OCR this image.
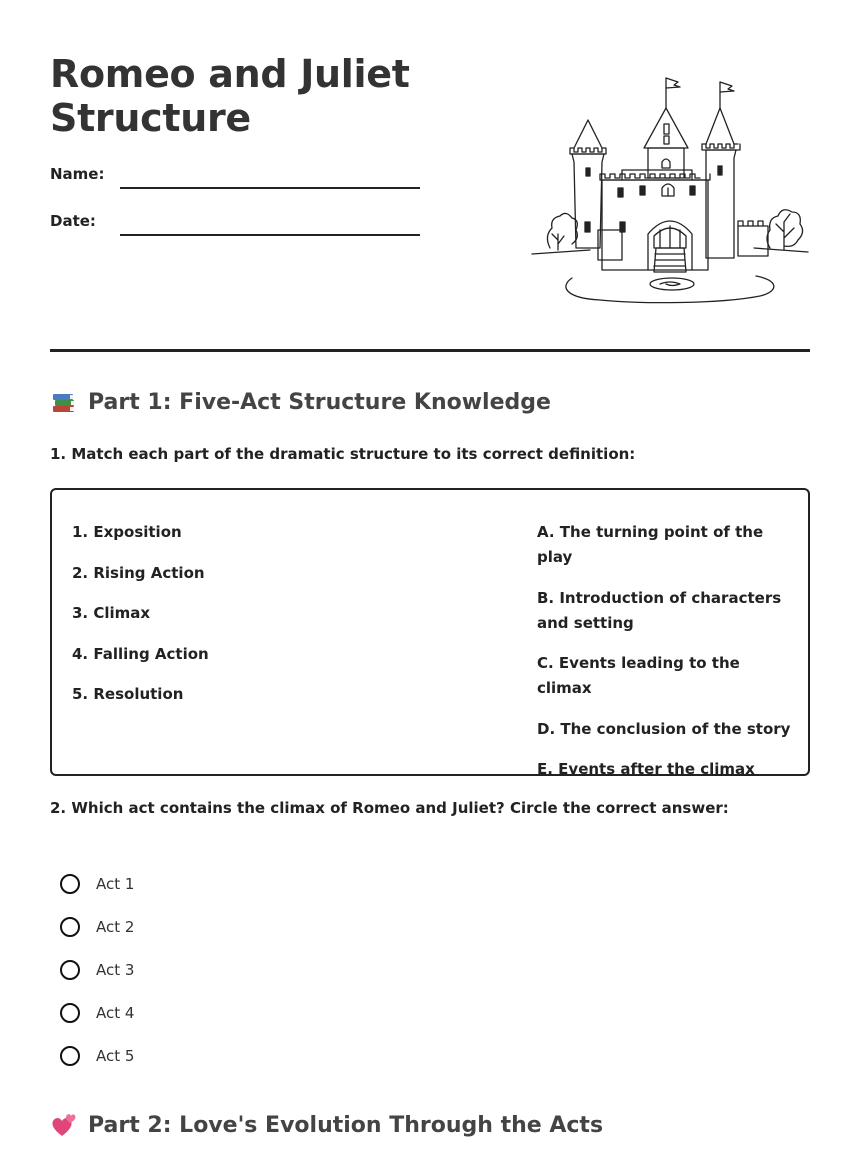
Romeo and Juliet Structure
Name:
Date:
Part 1: Five-Act Structure Knowledge
1. Match each part of the dramatic structure to its correct definition:
1. Exposition
2. Rising Action
3. Climax
4. Falling Action
5. Resolution
A. The turning point of the play
B. Introduction of characters and setting
C. Events leading to the climax
D. The conclusion of the story
E. Events after the climax
2. Which act contains the climax of Romeo and Juliet? Circle the correct answer:
Act 1
Act 2
Act 3
Act 4
Act 5
Part 2: Love's Evolution Through the Acts
